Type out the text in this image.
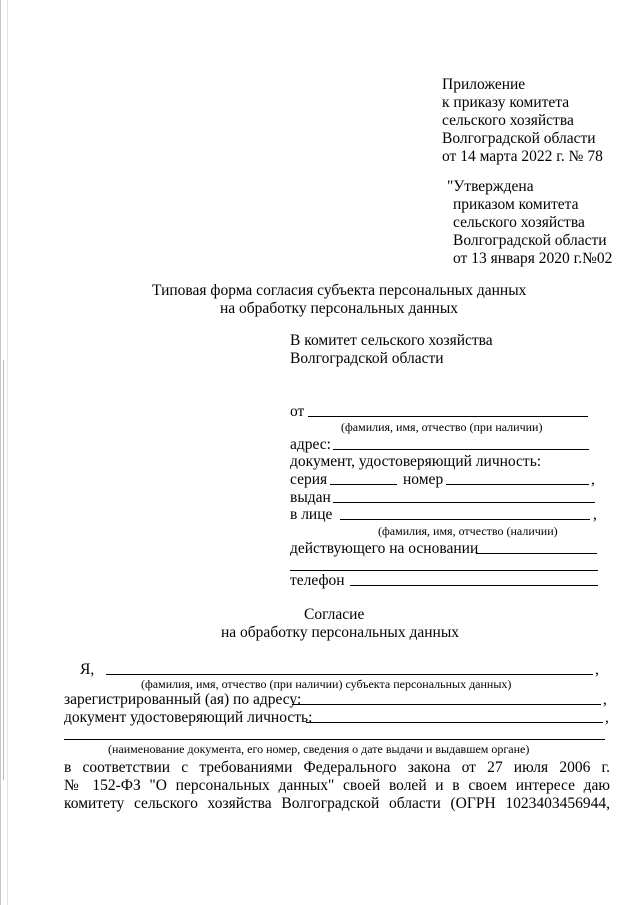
Приложение
к приказу комитета
сельского хозяйства
Волгоградской области
от 14 марта 2022 г. № 78
"Утверждена
приказом комитета
сельского хозяйства
Волгоградской области
от 13 января 2020 г.№02
Типовая форма согласия субъекта персональных данных
на обработку персональных данных
В комитет сельского хозяйства
Волгоградской области
от
(фамилия, имя, отчество (при наличии)
адрес:
документ, удостоверяющий личность:
серия	номер	,
выдан
в лице	,
(фамилия, имя, отчество (наличии)
действующего на основании
телефон
Согласие
на обработку персональных данных
Я,	,
(фамилия, имя, отчество (при наличии) субъекта персональных данных)
зарегистрированный (ая) по адресу:	,
документ удостоверяющий личность:	,
(наименование документа, его номер, сведения о дате выдачи и выдавшем органе)
в соответствии с требованиями Федерального закона от 27 июля 2006 г.
№ 152-ФЗ "О персональных данных" своей волей и в своем интересе даю
комитету сельского хозяйства Волгоградской области (ОГРН 1023403456944,
